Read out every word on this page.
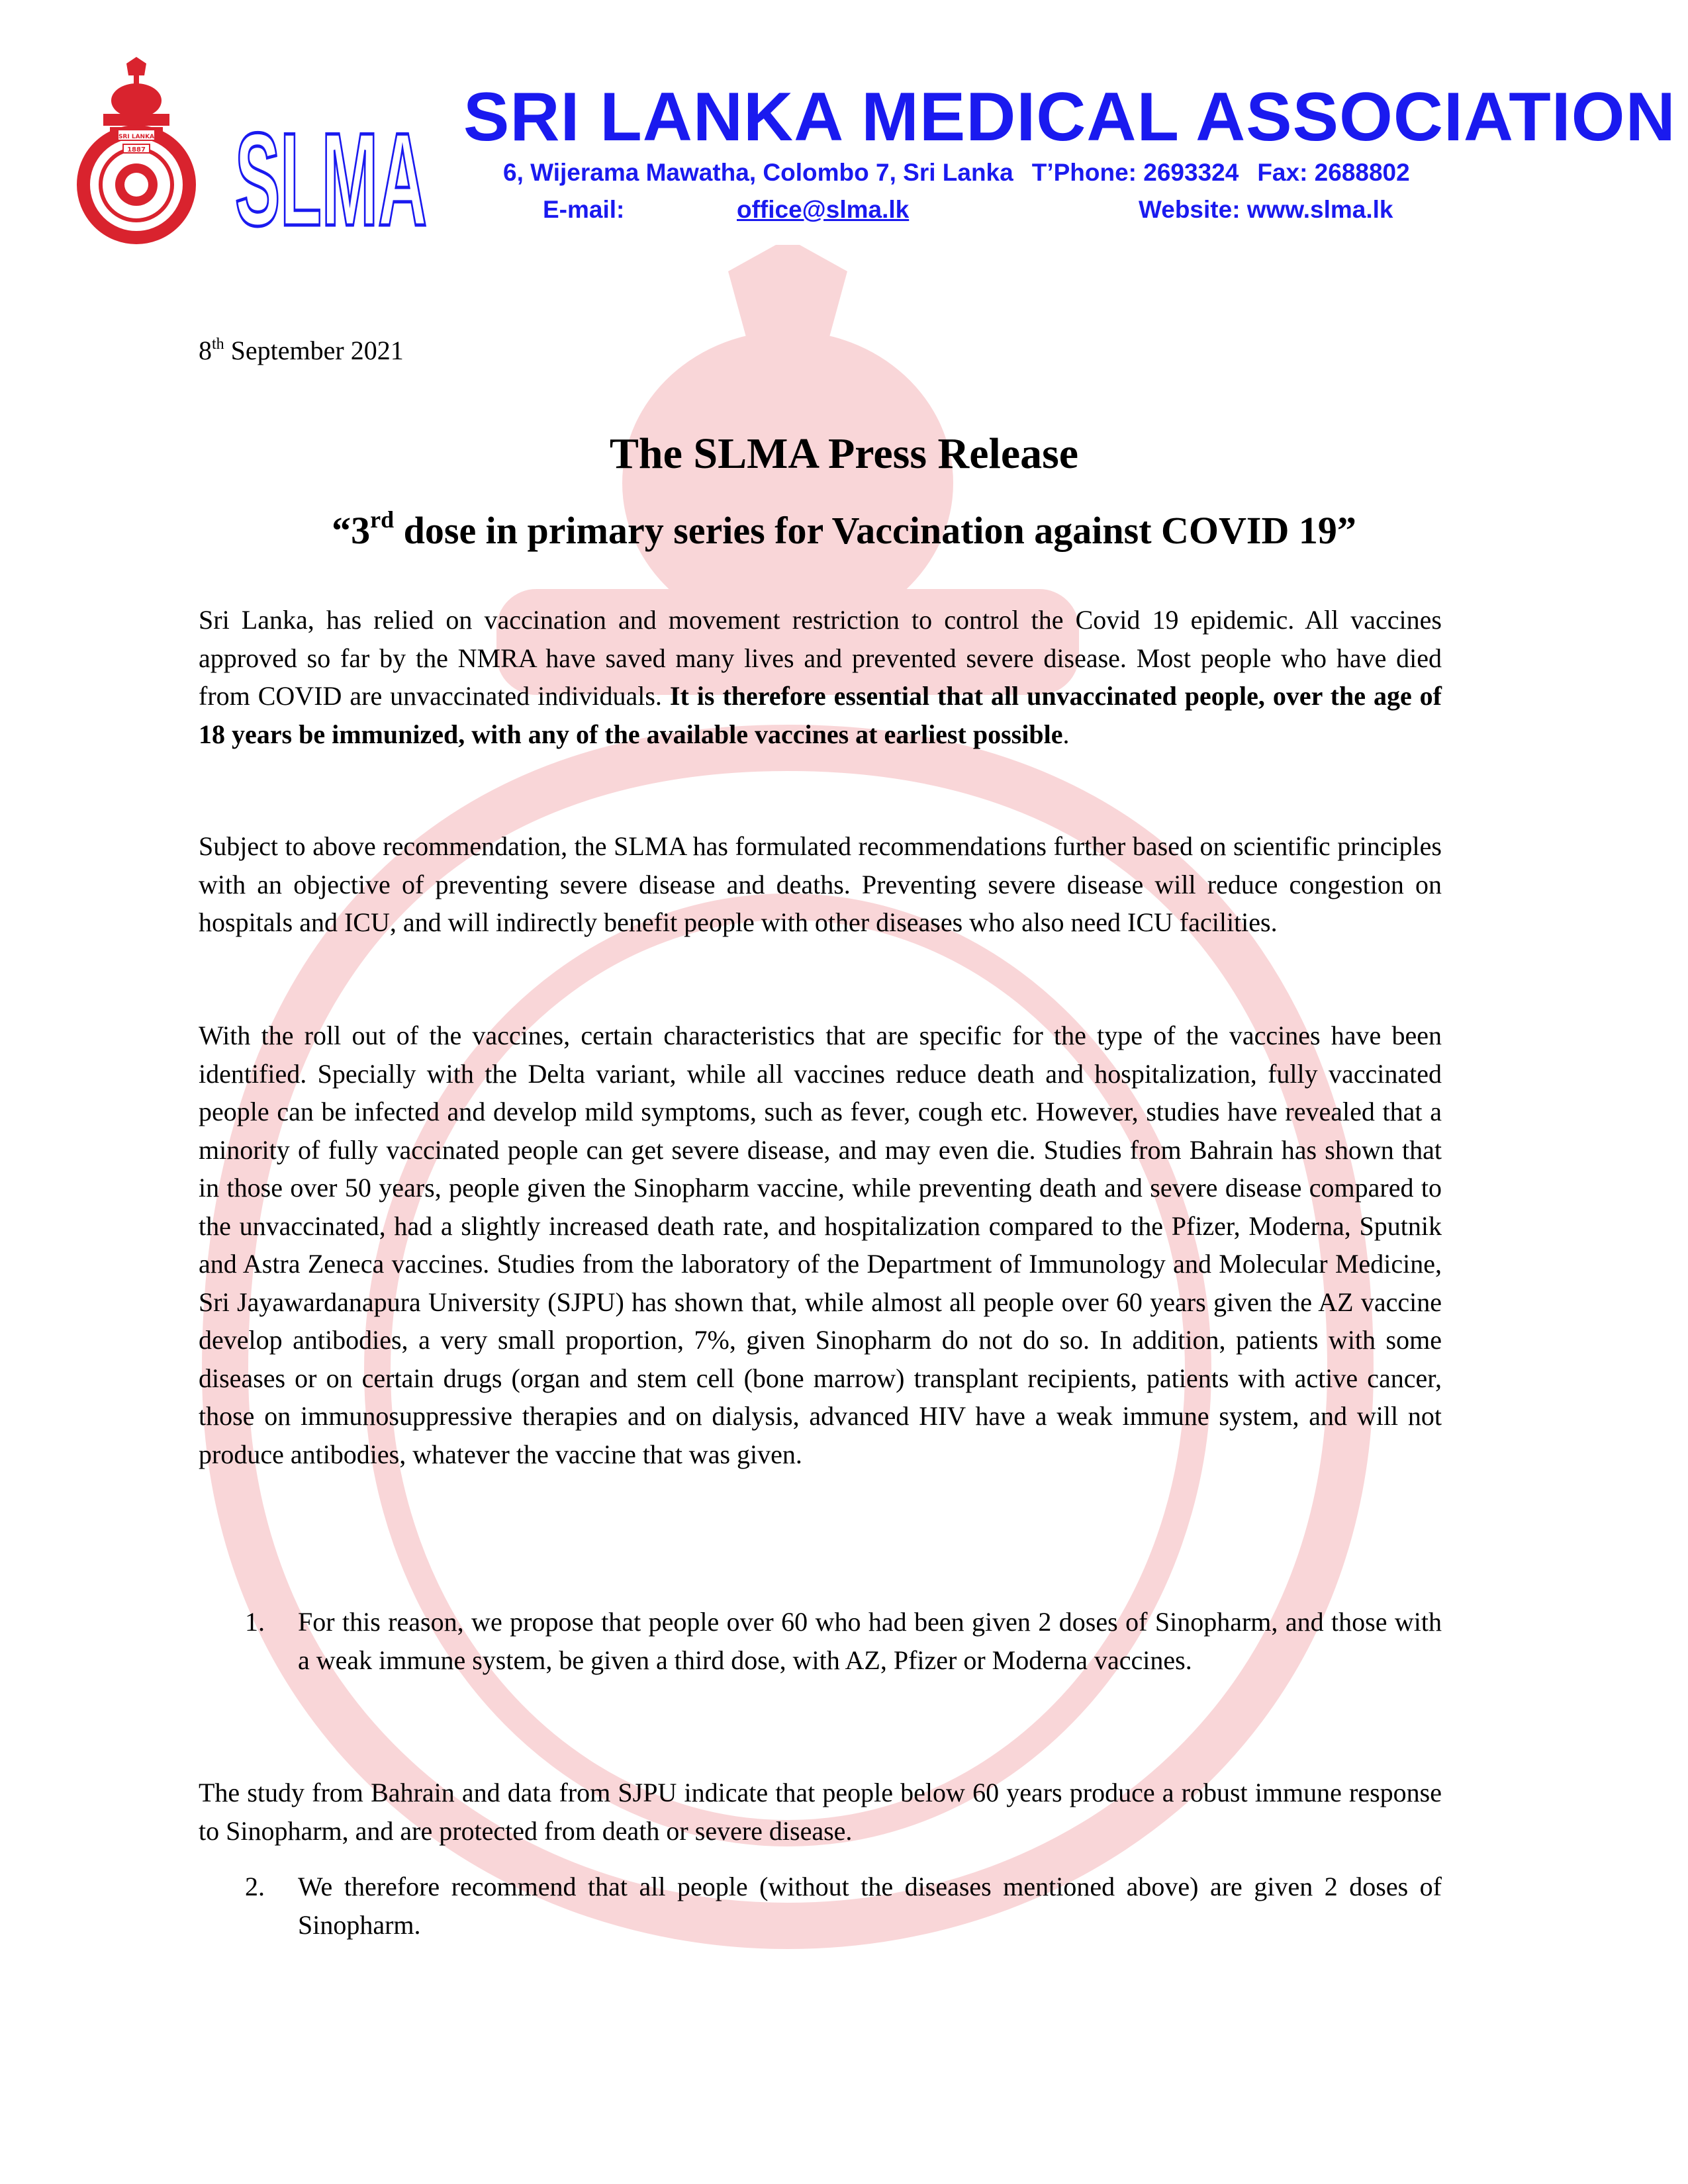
SRI LANKA
1887 SLMA SRI LANKA MEDICAL ASSOCIATION
6, Wijerama Mawatha, Colombo 7, Sri Lanka T’Phone: 2693324 Fax: 2688802
E-mail:	office@slma.lk	Website: www.slma.lk
8th September 2021
The SLMA Press Release
“3rd dose in primary series for Vaccination against COVID 19”

Sri Lanka, has relied on vaccination and movement restriction to control the Covid 19 epidemic. All vaccines approved so far by the NMRA have saved many lives and prevented severe disease. Most people who have died from COVID are unvaccinated individuals. It is therefore essential that all unvaccinated people, over the age of 18 years be immunized, with any of the available vaccines at earliest possible.

Subject to above recommendation, the SLMA has formulated recommendations further based on scientific principles with an objective of preventing severe disease and deaths. Preventing severe disease will reduce congestion on hospitals and ICU, and will indirectly benefit people with other diseases who also need ICU facilities.

With the roll out of the vaccines, certain characteristics that are specific for the type of the vaccines have been identified. Specially with the Delta variant, while all vaccines reduce death and hospitalization, fully vaccinated people can be infected and develop mild symptoms, such as fever, cough etc. However, studies have revealed that a minority of fully vaccinated people can get severe disease, and may even die. Studies from Bahrain has shown that in those over 50 years, people given the Sinopharm vaccine, while preventing death and severe disease compared to the unvaccinated, had a slightly increased death rate, and hospitalization compared to the Pfizer, Moderna, Sputnik and Astra Zeneca vaccines. Studies from the laboratory of the Department of Immunology and Molecular Medicine, Sri Jayawardanapura University (SJPU) has shown that, while almost all people over 60 years given the AZ vaccine develop antibodies, a very small proportion, 7%, given Sinopharm do not do so. In addition, patients with some diseases or on certain drugs (organ and stem cell (bone marrow) transplant recipients, patients with active cancer, those on immunosuppressive therapies and on dialysis, advanced HIV have a weak immune system, and will not produce antibodies, whatever the vaccine that was given.

1. For this reason, we propose that people over 60 who had been given 2 doses of Sinopharm, and those with a weak immune system, be given a third dose, with AZ, Pfizer or Moderna vaccines.

The study from Bahrain and data from SJPU indicate that people below 60 years produce a robust immune response to Sinopharm, and are protected from death or severe disease.

2. We therefore recommend that all people (without the diseases mentioned above) are given 2 doses of Sinopharm.
